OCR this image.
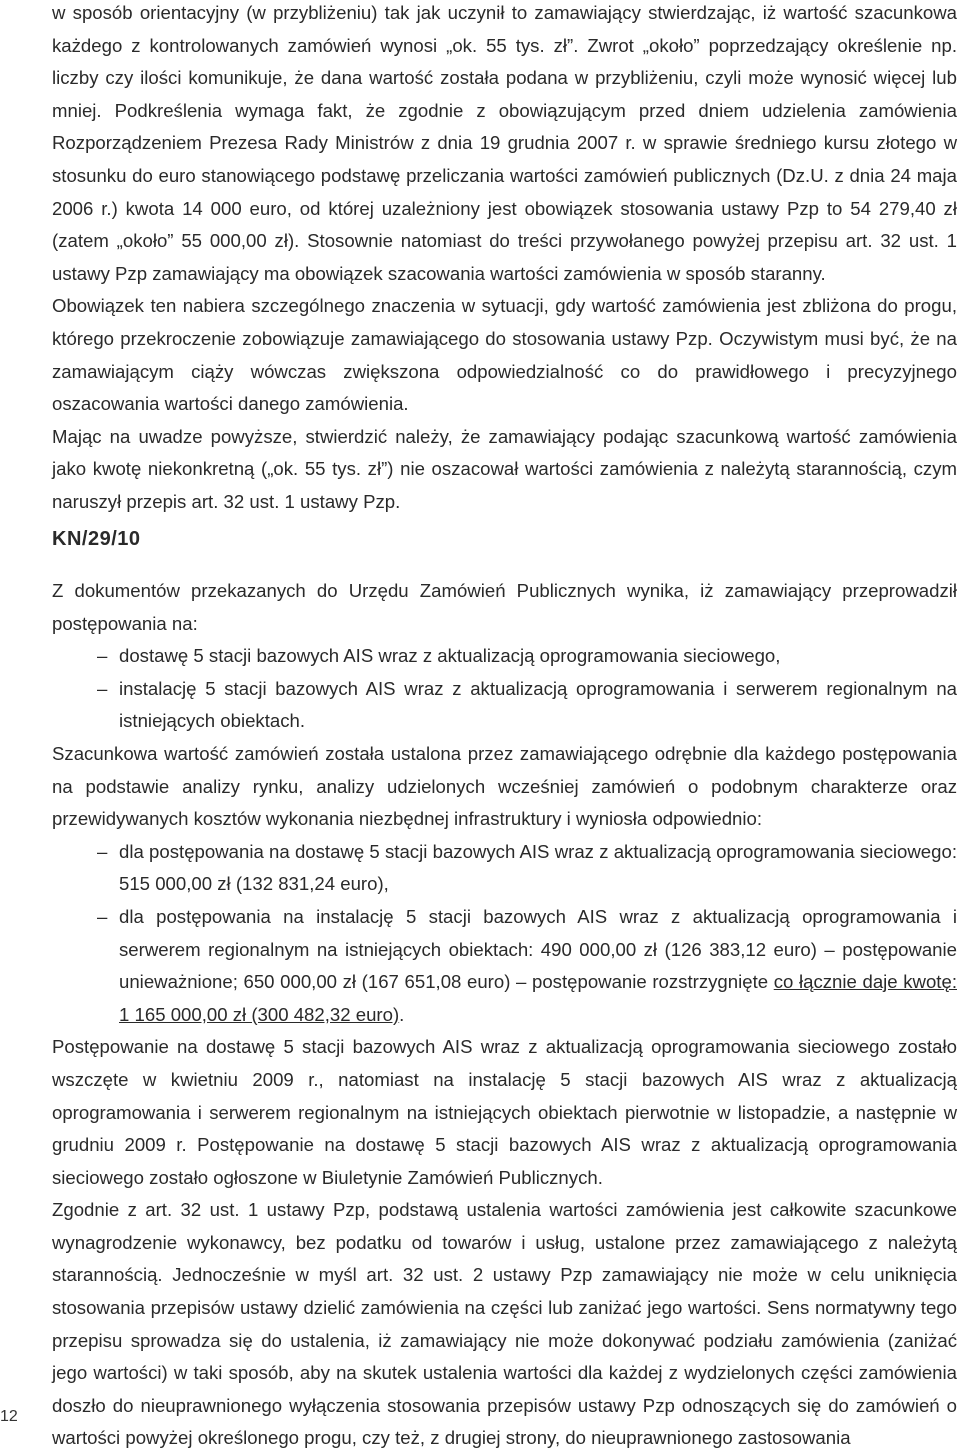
w sposób orientacyjny (w przybliżeniu) tak jak uczynił to zamawiający stwierdzając, iż wartość szacunkowa każdego z kontrolowanych zamówień wynosi „ok. 55 tys. zł”. Zwrot „około” poprzedzający określenie np. liczby czy ilości komunikuje, że dana wartość została podana w przybliżeniu, czyli może wynosić więcej lub mniej. Podkreślenia wymaga fakt, że zgodnie z obowiązującym przed dniem udzielenia zamówienia Rozporządzeniem Prezesa Rady Ministrów z dnia 19 grudnia 2007 r. w sprawie średniego kursu złotego w stosunku do euro stanowiącego podstawę przeliczania wartości zamówień publicznych (Dz.U. z dnia 24 maja 2006 r.) kwota 14 000 euro, od której uzależniony jest obowiązek stosowania ustawy Pzp to 54 279,40 zł (zatem „około” 55 000,00 zł). Stosownie natomiast do treści przywołanego powyżej przepisu art. 32 ust. 1 ustawy Pzp zamawiający ma obowiązek szacowania wartości zamówienia w sposób staranny.

Obowiązek ten nabiera szczególnego znaczenia w sytuacji, gdy wartość zamówienia jest zbliżona do progu, którego przekroczenie zobowiązuje zamawiającego do stosowania ustawy Pzp. Oczywistym musi być, że na zamawiającym ciąży wówczas zwiększona odpowiedzialność co do prawidłowego i precyzyjnego oszacowania wartości danego zamówienia.

Mając na uwadze powyższe, stwierdzić należy, że zamawiający podając szacunkową wartość zamówienia jako kwotę niekonkretną („ok. 55 tys. zł”) nie oszacował wartości zamówienia z należytą starannością, czym naruszył przepis art. 32 ust. 1 ustawy Pzp.

KN/29/10

Z dokumentów przekazanych do Urzędu Zamówień Publicznych wynika, iż zamawiający przeprowadził postępowania na:

– dostawę 5 stacji bazowych AIS wraz z aktualizacją oprogramowania sieciowego,
– instalację 5 stacji bazowych AIS wraz z aktualizacją oprogramowania i serwerem regionalnym na istniejących obiektach.

Szacunkowa wartość zamówień została ustalona przez zamawiającego odrębnie dla każdego postępowania na podstawie analizy rynku, analizy udzielonych wcześniej zamówień o podobnym charakterze oraz przewidywanych kosztów wykonania niezbędnej infrastruktury i wyniosła odpowiednio:

– dla postępowania na dostawę 5 stacji bazowych AIS wraz z aktualizacją oprogramowania sieciowego: 515 000,00 zł (132 831,24 euro),
– dla postępowania na instalację 5 stacji bazowych AIS wraz z aktualizacją oprogramowania i serwerem regionalnym na istniejących obiektach: 490 000,00 zł (126 383,12 euro) – postępowanie unieważnione; 650 000,00 zł (167 651,08 euro) – postępowanie rozstrzygnięte co łącznie daje kwotę: 1 165 000,00 zł (300 482,32 euro).

Postępowanie na dostawę 5 stacji bazowych AIS wraz z aktualizacją oprogramowania sieciowego zostało wszczęte w kwietniu 2009 r., natomiast na instalację 5 stacji bazowych AIS wraz z aktualizacją oprogramowania i serwerem regionalnym na istniejących obiektach pierwotnie w listopadzie, a następnie w grudniu 2009 r. Postępowanie na dostawę 5 stacji bazowych AIS wraz z aktualizacją oprogramowania sieciowego zostało ogłoszone w Biuletynie Zamówień Publicznych.

Zgodnie z art. 32 ust. 1 ustawy Pzp, podstawą ustalenia wartości zamówienia jest całkowite szacunkowe wynagrodzenie wykonawcy, bez podatku od towarów i usług, ustalone przez zamawiającego z należytą starannością. Jednocześnie w myśl art. 32 ust. 2 ustawy Pzp zamawiający nie może w celu uniknięcia stosowania przepisów ustawy dzielić zamówienia na części lub zaniżać jego wartości. Sens normatywny tego przepisu sprowadza się do ustalenia, iż zamawiający nie może dokonywać podziału zamówienia (zaniżać jego wartości) w taki sposób, aby na skutek ustalenia wartości dla każdej z wydzielonych części zamówienia doszło do nieuprawnionego wyłączenia stosowania przepisów ustawy Pzp odnoszących się do zamówień o wartości powyżej określonego progu, czy też, z drugiej strony, do nieuprawnionego zastosowania

12
